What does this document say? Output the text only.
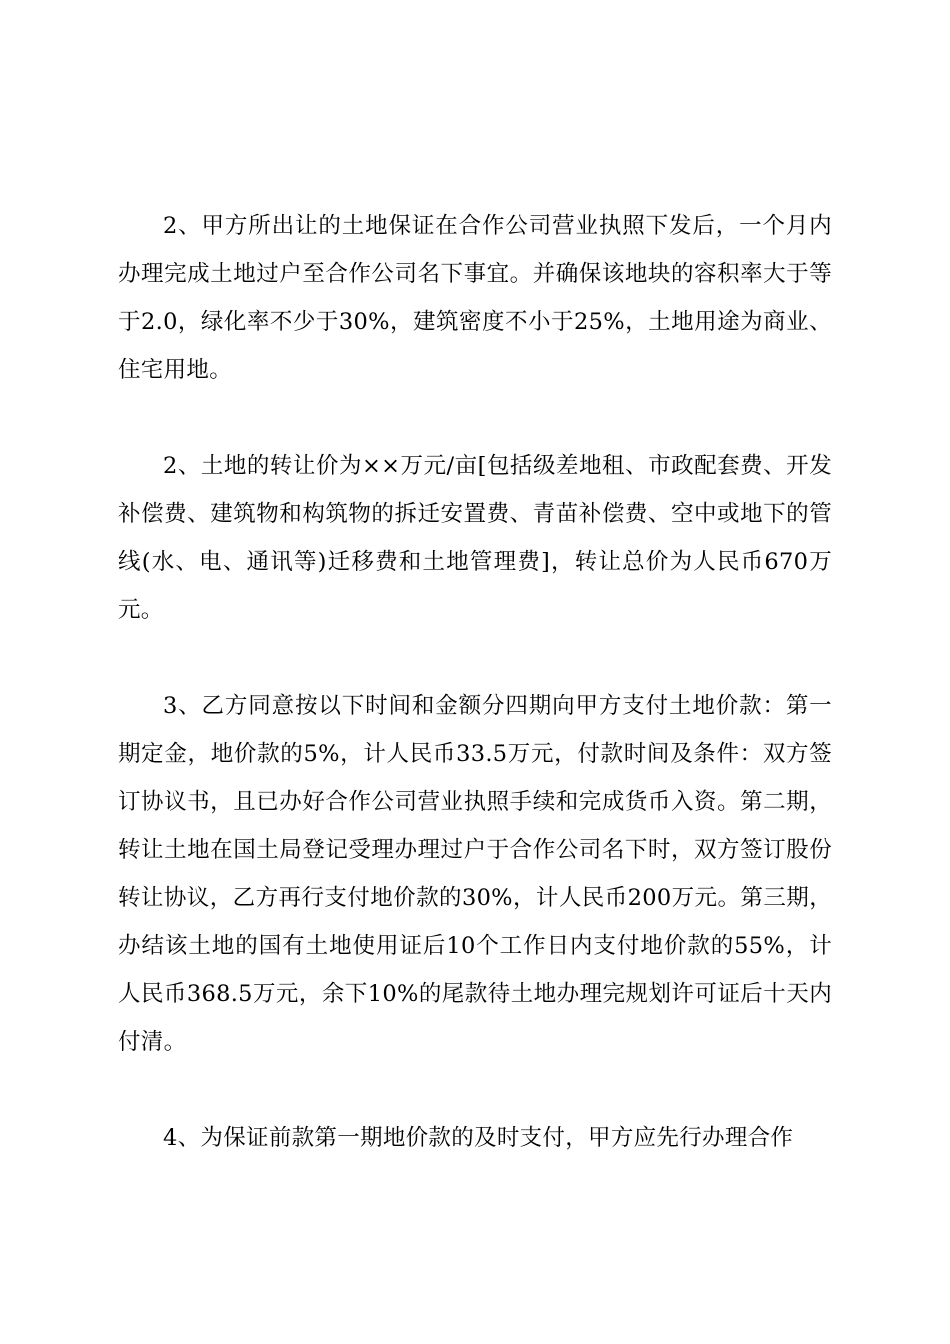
2、甲方所出让的土地保证在合作公司营业执照下发后，一个月内办理完成土地过户至合作公司名下事宜。并确保该地块的容积率大于等于2.0，绿化率不少于30%，建筑密度不小于25%，土地用途为商业、住宅用地。

2、土地的转让价为××万元/亩[包括级差地租、市政配套费、开发补偿费、建筑物和构筑物的拆迁安置费、青苗补偿费、空中或地下的管线(水、电、通讯等)迁移费和土地管理费]，转让总价为人民币670万元。

3、乙方同意按以下时间和金额分四期向甲方支付土地价款：第一期定金，地价款的5%，计人民币33.5万元，付款时间及条件：双方签订协议书，且已办好合作公司营业执照手续和完成货币入资。第二期，转让土地在国土局登记受理办理过户于合作公司名下时，双方签订股份转让协议，乙方再行支付地价款的30%，计人民币200万元。第三期，办结该土地的国有土地使用证后10个工作日内支付地价款的55%，计人民币368.5万元，余下10%的尾款待土地办理完规划许可证后十天内付清。

4、为保证前款第一期地价款的及时支付，甲方应先行办理合作
